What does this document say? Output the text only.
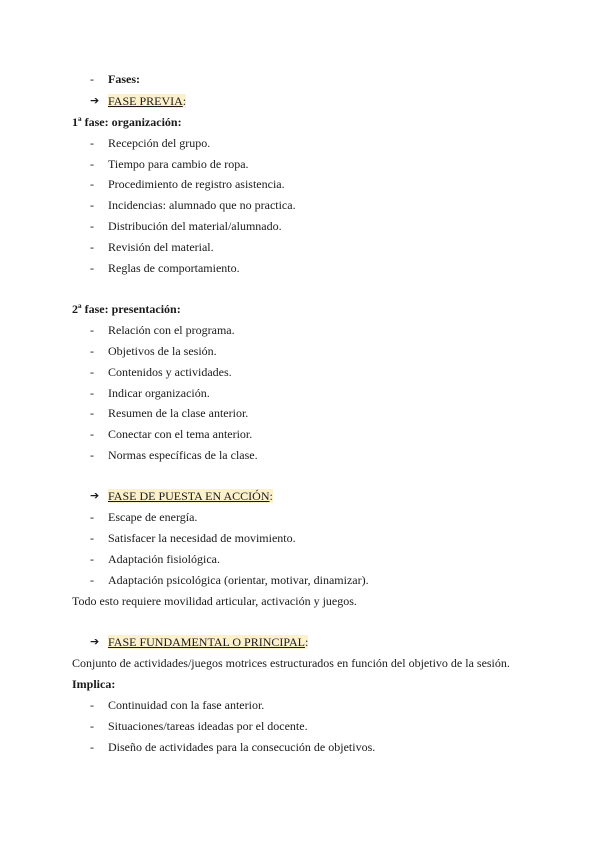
- Fases:
➔ FASE PREVIA:
1ª fase: organización:
- Recepción del grupo.
- Tiempo para cambio de ropa.
- Procedimiento de registro asistencia.
- Incidencias: alumnado que no practica.
- Distribución del material/alumnado.
- Revisión del material.
- Reglas de comportamiento.
2ª fase: presentación:
- Relación con el programa.
- Objetivos de la sesión.
- Contenidos y actividades.
- Indicar organización.
- Resumen de la clase anterior.
- Conectar con el tema anterior.
- Normas específicas de la clase.
➔ FASE DE PUESTA EN ACCIÓN:
- Escape de energía.
- Satisfacer la necesidad de movimiento.
- Adaptación fisiológica.
- Adaptación psicológica (orientar, motivar, dinamizar).
Todo esto requiere movilidad articular, activación y juegos.
➔ FASE FUNDAMENTAL O PRINCIPAL:
Conjunto de actividades/juegos motrices estructurados en función del objetivo de la sesión.
Implica:
- Continuidad con la fase anterior.
- Situaciones/tareas ideadas por el docente.
- Diseño de actividades para la consecución de objetivos.
